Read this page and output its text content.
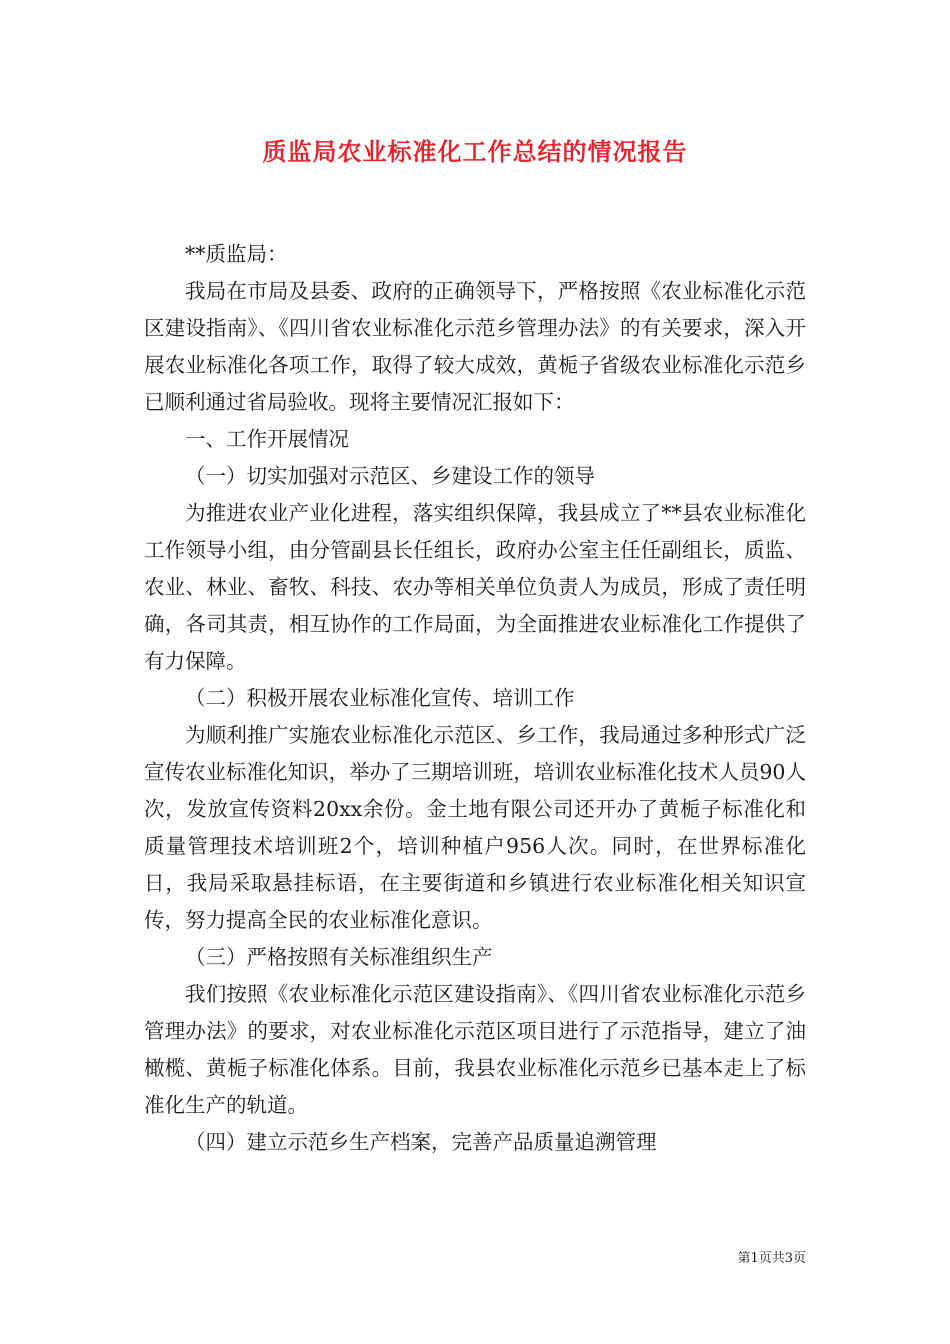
质监局农业标准化工作总结的情况报告

**质监局：

我局在市局及县委、政府的正确领导下，严格按照《农业标准化示范区建设指南》、《四川省农业标准化示范乡管理办法》的有关要求，深入开展农业标准化各项工作，取得了较大成效，黄栀子省级农业标准化示范乡已顺利通过省局验收。现将主要情况汇报如下：

一、工作开展情况

（一）切实加强对示范区、乡建设工作的领导

为推进农业产业化进程，落实组织保障，我县成立了**县农业标准化工作领导小组，由分管副县长任组长，政府办公室主任任副组长，质监、农业、林业、畜牧、科技、农办等相关单位负责人为成员，形成了责任明确，各司其责，相互协作的工作局面，为全面推进农业标准化工作提供了有力保障。

（二）积极开展农业标准化宣传、培训工作

为顺利推广实施农业标准化示范区、乡工作，我局通过多种形式广泛宣传农业标准化知识，举办了三期培训班，培训农业标准化技术人员90人次，发放宣传资料20xx余份。金土地有限公司还开办了黄栀子标准化和质量管理技术培训班2个，培训种植户956人次。同时，在世界标准化日，我局采取悬挂标语，在主要街道和乡镇进行农业标准化相关知识宣传，努力提高全民的农业标准化意识。

（三）严格按照有关标准组织生产

我们按照《农业标准化示范区建设指南》、《四川省农业标准化示范乡管理办法》的要求，对农业标准化示范区项目进行了示范指导，建立了油橄榄、黄栀子标准化体系。目前，我县农业标准化示范乡已基本走上了标准化生产的轨道。

（四）建立示范乡生产档案，完善产品质量追溯管理

第1页共3页
